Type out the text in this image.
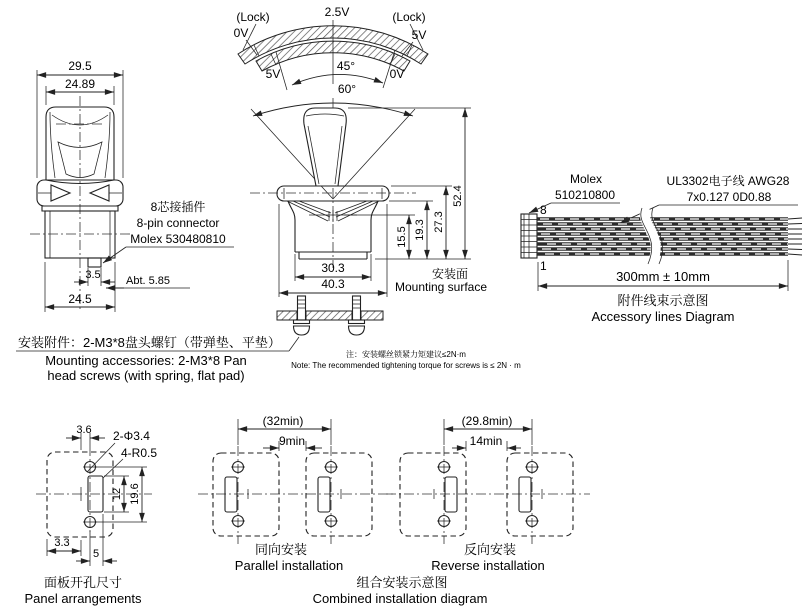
29.5
24.89
3.5 Abt. 5.85
24.5
8芯接插件
8-pin connector
Molex 530480810
(Lock)	2.5V	(Lock)
0V	5V
5V	0V
45°
60°
30.3
40.3
15.5 19.3 27.3
52.4
安装面
Mounting surface
Molex
510210800
UL3302电子线 AWG28
7x0.127 0D0.88
8
1
300mm ± 10mm
附件线束示意图
Accessory lines Diagram
安装附件：2-M3*8盘头螺钉（带弹垫、平垫）
Mounting accessories: 2-M3*8 Pan
head screws (with spring, flat pad)
注：安装螺丝锁紧力矩建议≤2N·m
Note: The recommended tightening torque for screws is ≤ 2N · m
3.6 2-Φ3.4
4-R0.5
12 19.6
3.3
5
面板开孔尺寸
Panel arrangements
(32min)
9min
同向安装
Parallel installation
(29.8min)
14min
反向安装
Reverse installation
组合安装示意图
Combined installation diagram
